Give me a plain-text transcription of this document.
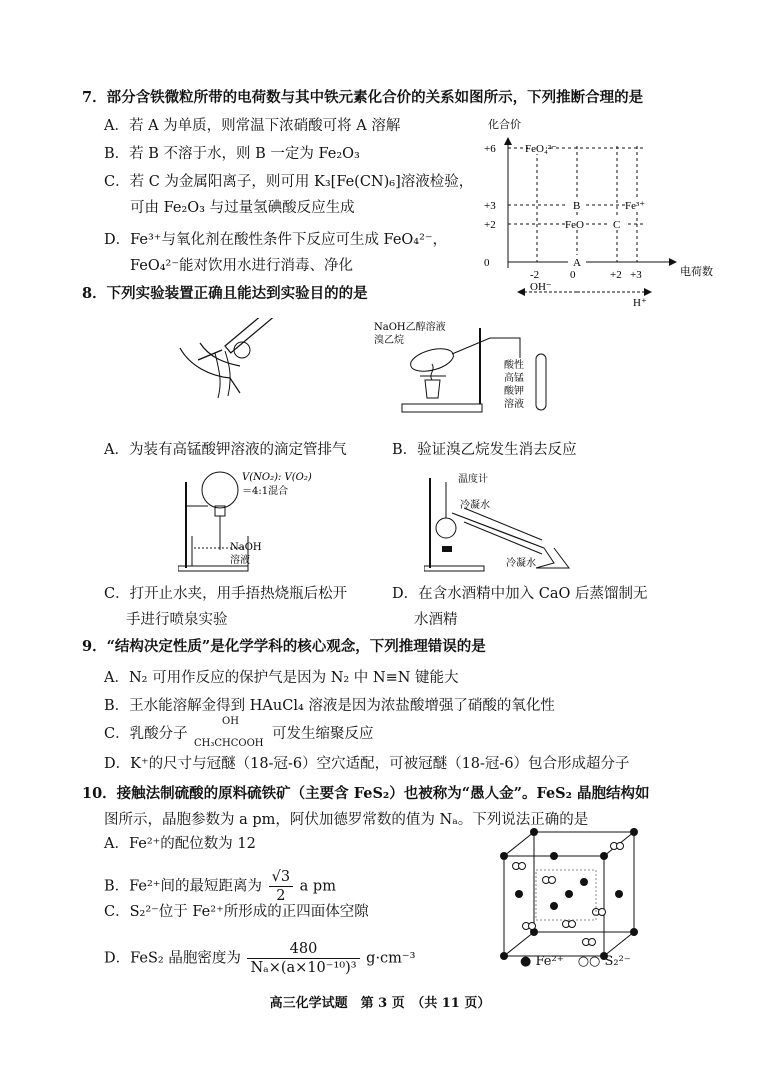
7．部分含铁微粒所带的电荷数与其中铁元素化合价的关系如图所示，下列推断合理的是
A．若 A 为单质，则常温下浓硝酸可将 A 溶解
B．若 B 不溶于水，则 B 一定为 Fe₂O₃
C．若 C 为金属阳离子，则可用 K₃[Fe(CN)₆]溶液检验，
可由 Fe₂O₃ 与过量氢碘酸反应生成
D．Fe³⁺与氧化剂在酸性条件下反应可生成 FeO₄²⁻，
FeO₄²⁻能对饮用水进行消毒、净化
化合价
电荷数
+6
+3
+2
0
-2	0	+2 +3
FeO₄²⁻
B	Fe³⁺
FeO	C
A
OH⁻
H⁺
8．下列实验装置正确且能达到实验目的的是
NaOH乙醇溶液
溴乙烷
酸性
高锰
酸钾
溶液
A．为装有高锰酸钾溶液的滴定管排气	B．验证溴乙烷发生消去反应
V(NO₂): V(O₂)
＝4:1混合
NaOH
溶液
温度计
冷凝水
冷凝水
C．打开止水夹，用手捂热烧瓶后松开
手进行喷泉实验
D．在含水酒精中加入 CaO 后蒸馏制无
水酒精
9．“结构决定性质”是化学学科的核心观念，下列推理错误的是
A．N₂ 可用作反应的保护气是因为 N₂ 中 N≡N 键能大
B．王水能溶解金得到 HAuCl₄ 溶液是因为浓盐酸增强了硝酸的氧化性
C．乳酸分子
OH
CH₃CHCOOH
可发生缩聚反应
D．K⁺的尺寸与冠醚（18-冠-6）空穴适配，可被冠醚（18-冠-6）包合形成超分子
10．接触法制硫酸的原料硫铁矿（主要含 FeS₂）也被称为“愚人金”。FeS₂ 晶胞结构如
图所示，晶胞参数为 a pm，阿伏加德罗常数的值为 Nₐ。下列说法正确的是
A．Fe²⁺的配位数为 12
B．Fe²⁺间的最短距离为 $\frac{√3}{2}$ a pm
C．S₂²⁻位于 Fe²⁺所形成的正四面体空隙
D．FeS₂ 晶胞密度为 $\frac{480}{\text{Nₐ×(a×10⁻¹⁰)³}} g\cdot cm^{-3}$	● Fe²⁺ ○○ S₂²⁻
高三化学试题　第 3 页　（共 11 页）
